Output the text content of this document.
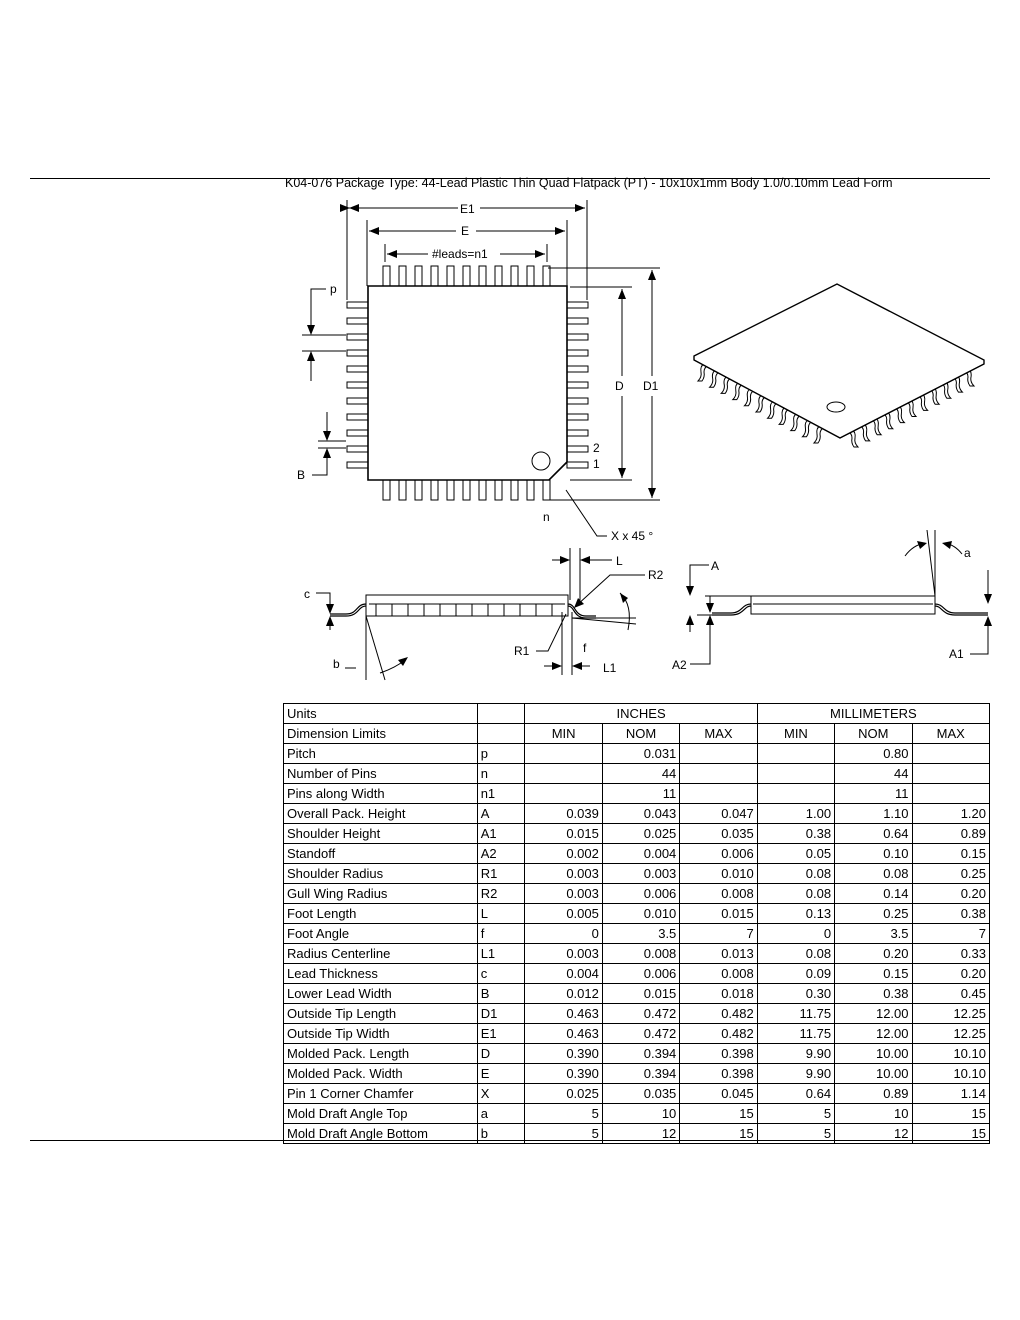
K04-076 Package Type: 44-Lead Plastic Thin Quad Flatpack (PT) - 10x10x1mm Body 1.0/0.10mm Lead Form
E1
E
#leads=n1
p
D D1
2
1
B
n
X x 45 °
c
b
L
R2
f
R1
L1
A
a
A2
A1
Units		INCHES			MILLIMETERS		
Dimension Limits		MIN	NOM	MAX	MIN	NOM	MAX
Pitch	p		0.031			0.80	
Number of Pins	n		44			44	
Pins along Width	n1		11			11	
Overall Pack. Height	A	0.039	0.043	0.047	1.00	1.10	1.20
Shoulder Height	A1	0.015	0.025	0.035	0.38	0.64	0.89
Standoff	A2	0.002	0.004	0.006	0.05	0.10	0.15
Shoulder Radius	R1	0.003	0.003	0.010	0.08	0.08	0.25
Gull Wing Radius	R2	0.003	0.006	0.008	0.08	0.14	0.20
Foot Length	L	0.005	0.010	0.015	0.13	0.25	0.38
Foot Angle	f	0	3.5	7	0	3.5	7
Radius Centerline	L1	0.003	0.008	0.013	0.08	0.20	0.33
Lead Thickness	c	0.004	0.006	0.008	0.09	0.15	0.20
Lower Lead Width	B	0.012	0.015	0.018	0.30	0.38	0.45
Outside Tip Length	D1	0.463	0.472	0.482	11.75	12.00	12.25
Outside Tip Width	E1	0.463	0.472	0.482	11.75	12.00	12.25
Molded Pack. Length	D	0.390	0.394	0.398	9.90	10.00	10.10
Molded Pack. Width	E	0.390	0.394	0.398	9.90	10.00	10.10
Pin 1 Corner Chamfer	X	0.025	0.035	0.045	0.64	0.89	1.14
Mold Draft Angle Top	a	5	10	15	5	10	15
Mold Draft Angle Bottom	b	5	12	15	5	12	15
